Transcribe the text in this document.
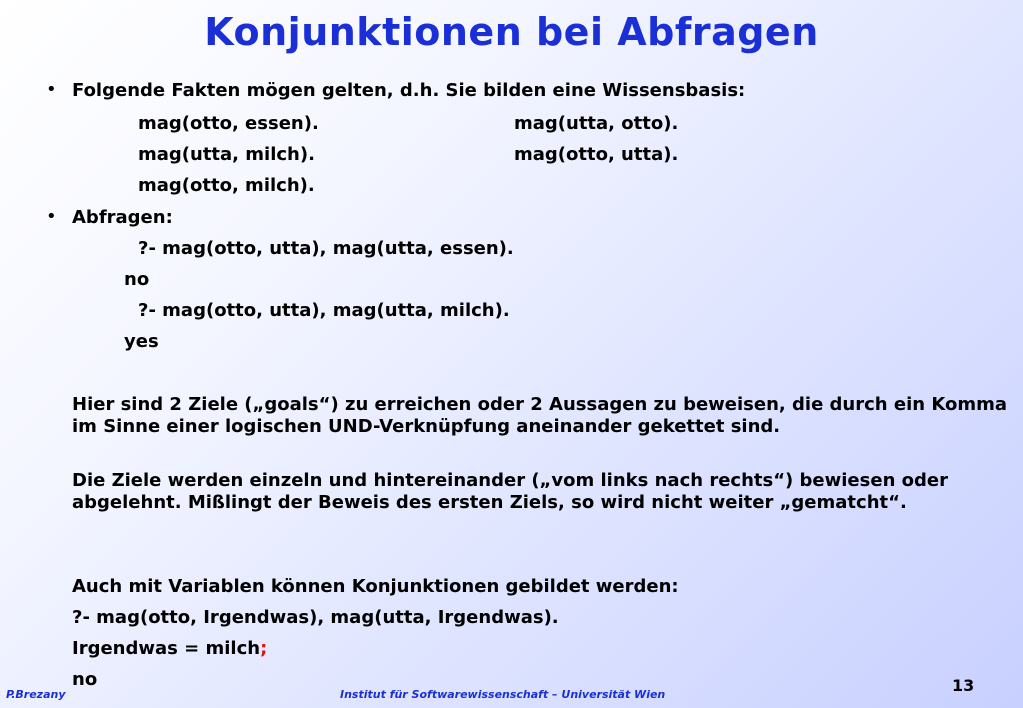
Konjunktionen bei Abfragen
• Folgende Fakten mögen gelten, d.h. Sie bilden eine Wissensbasis:
mag(otto, essen).	mag(utta, otto).
mag(utta, milch).	mag(otto, utta).
mag(otto, milch).
• Abfragen:
?- mag(otto, utta), mag(utta, essen).
no
?- mag(otto, utta), mag(utta, milch).
yes
Hier sind 2 Ziele („goals“) zu erreichen oder 2 Aussagen zu beweisen, die durch ein Komma im Sinne einer logischen UND-Verknüpfung aneinander gekettet sind.
Die Ziele werden einzeln und hintereinander („vom links nach rechts“) bewiesen oder abgelehnt. Mißlingt der Beweis des ersten Ziels, so wird nicht weiter „gematcht“.
Auch mit Variablen können Konjunktionen gebildet werden:
?- mag(otto, Irgendwas), mag(utta, Irgendwas).
Irgendwas = milch;
no
P.Brezany	Institut für Softwarewissenschaft – Universität Wien	13
